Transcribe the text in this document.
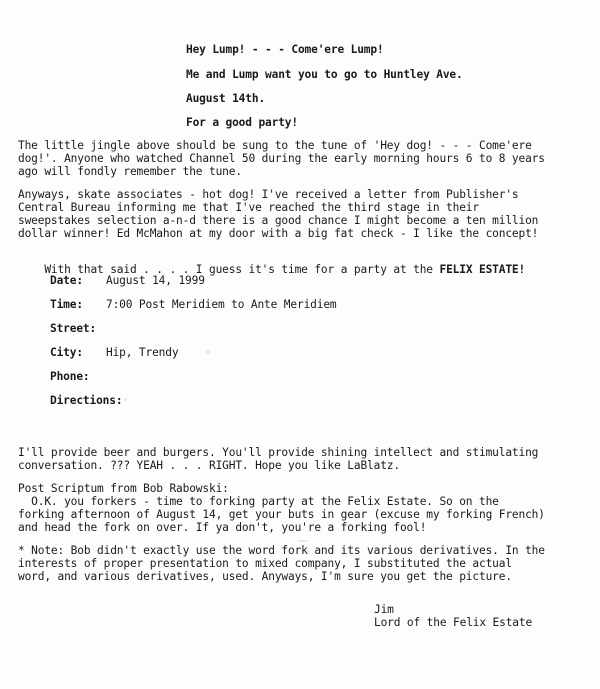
Hey Lump! - - - Come'ere Lump!
Me and Lump want you to go to Huntley Ave.
August 14th.
For a good party!
The little jingle above should be sung to the tune of 'Hey dog! - - - Come'ere
dog!'. Anyone who watched Channel 50 during the early morning hours 6 to 8 years
ago will fondly remember the tune.
Anyways, skate associates - hot dog! I've received a letter from Publisher's
Central Bureau informing me that I've reached the third stage in their
sweepstakes selection a-n-d there is a good chance I might become a ten million
dollar winner! Ed McMahon at my door with a big fat check - I like the concept!

With that said . . . . I guess it's time for a party at the FELIX ESTATE!

Date: August 14, 1999
Time: 7:00 Post Meridiem to Ante Meridiem
Street:
City: Hip, Trendy
Phone:
Directions:
I'll provide beer and burgers. You'll provide shining intellect and stimulating
conversation. ??? YEAH . . . RIGHT. Hope you like LaBlatz.
Post Scriptum from Bob Rabowski:
O.K. you forkers - time to forking party at the Felix Estate. So on the
forking afternoon of August 14, get your buts in gear (excuse my forking French)
and head the fork on over. If ya don't, you're a forking fool!
* Note: Bob didn't exactly use the word fork and its various derivatives. In the
interests of proper presentation to mixed company, I substituted the actual
word, and various derivatives, used. Anyways, I'm sure you get the picture.
Jim
Lord of the Felix Estate
